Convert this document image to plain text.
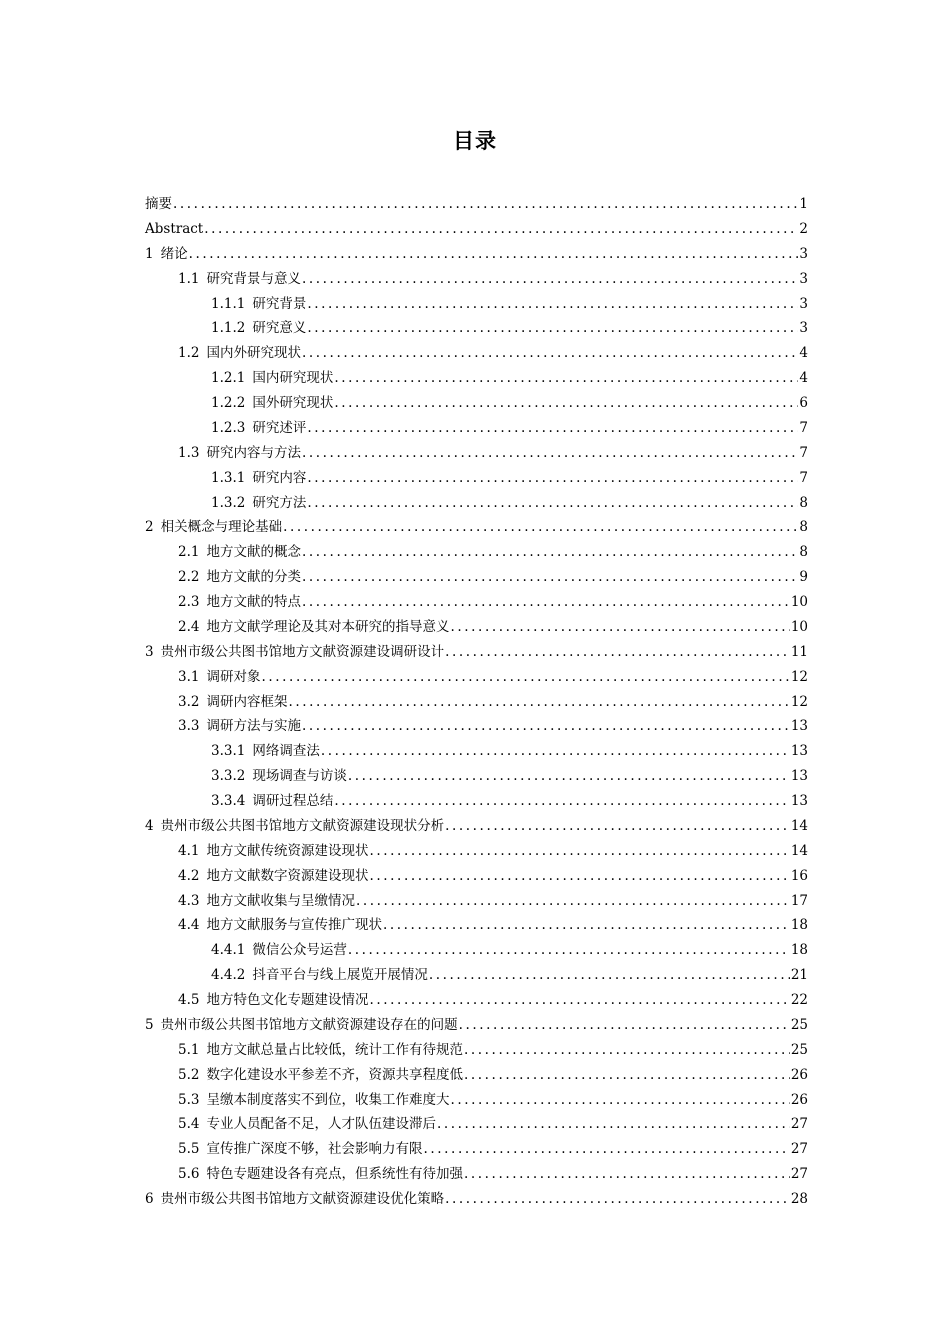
目录
摘要 .....	1
Abstract .....	2
1 绪论 .....	3
1.1 研究背景与意义 .....	3
1.1.1 研究背景 .....	3
1.1.2 研究意义 .....	3
1.2 国内外研究现状 .....	4
1.2.1 国内研究现状 .....	4
1.2.2 国外研究现状 .....	6
1.2.3 研究述评 .....	7
1.3 研究内容与方法 .....	7
1.3.1 研究内容 .....	7
1.3.2 研究方法 .....	8
2 相关概念与理论基础 .....	8
2.1 地方文献的概念 .....	8
2.2 地方文献的分类 .....	9
2.3 地方文献的特点 .....	10
2.4 地方文献学理论及其对本研究的指导意义 .....	10
3 贵州市级公共图书馆地方文献资源建设调研设计 .....	11
3.1 调研对象 .....	12
3.2 调研内容框架 .....	12
3.3 调研方法与实施 .....	13
3.3.1 网络调查法 .....	13
3.3.2 现场调查与访谈 .....	13
3.3.4 调研过程总结 .....	13
4 贵州市级公共图书馆地方文献资源建设现状分析 .....	14
4.1 地方文献传统资源建设现状 .....	14
4.2 地方文献数字资源建设现状 .....	16
4.3 地方文献收集与呈缴情况 .....	17
4.4 地方文献服务与宣传推广现状 .....	18
4.4.1 微信公众号运营 .....	18
4.4.2 抖音平台与线上展览开展情况 .....	21
4.5 地方特色文化专题建设情况 .....	22
5 贵州市级公共图书馆地方文献资源建设存在的问题 .....	25
5.1 地方文献总量占比较低，统计工作有待规范 .....	25
5.2 数字化建设水平参差不齐，资源共享程度低 .....	26
5.3 呈缴本制度落实不到位，收集工作难度大 .....	26
5.4 专业人员配备不足，人才队伍建设滞后 .....	27
5.5 宣传推广深度不够，社会影响力有限 .....	27
5.6 特色专题建设各有亮点，但系统性有待加强 .....	27
6 贵州市级公共图书馆地方文献资源建设优化策略 .....	28
